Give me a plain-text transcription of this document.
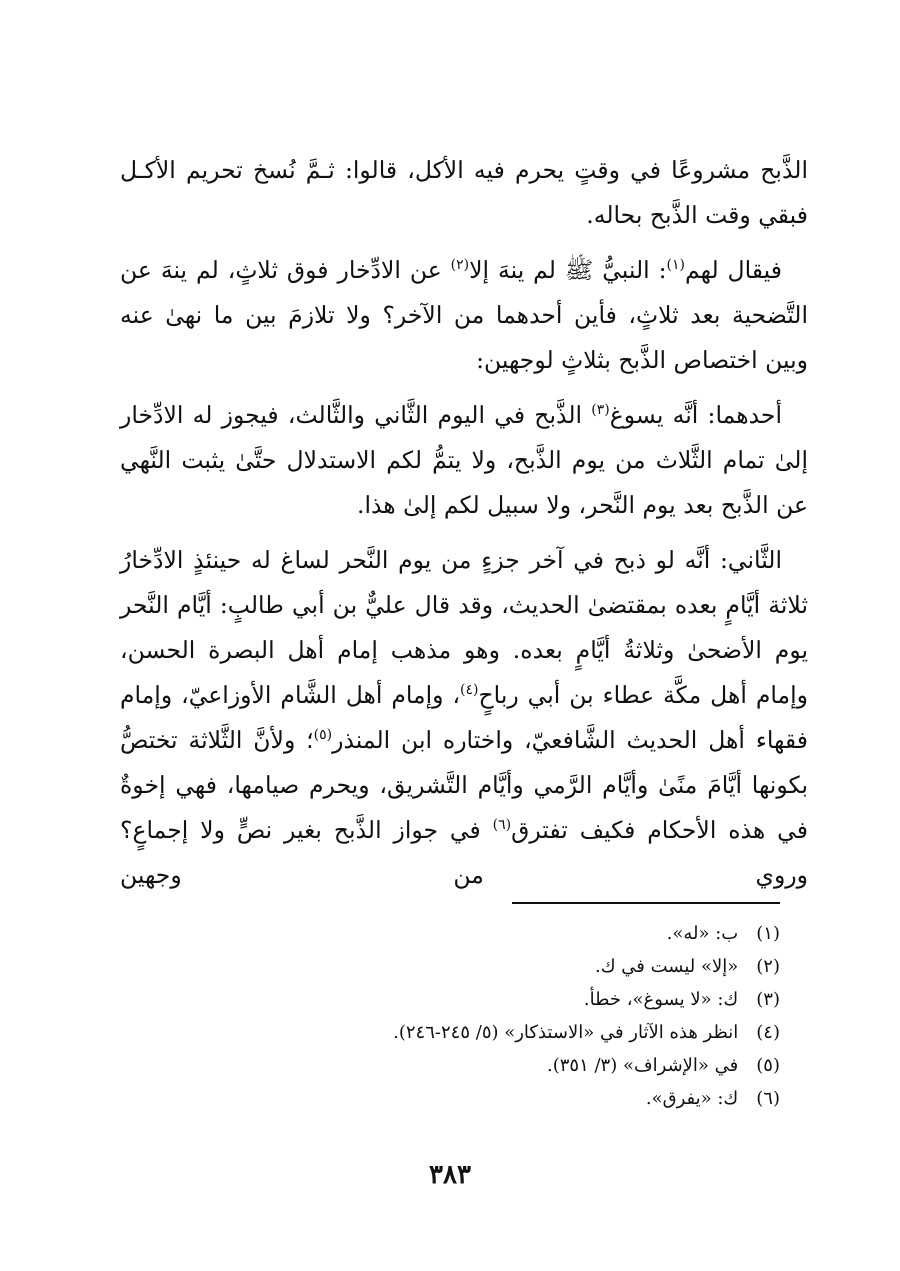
الذَّبح مشروعًا في وقتٍ يحرم فيه الأكل، قالوا: ثـمَّ نُسخ تحريم الأكـل فبقي وقت الذَّبح بحاله.

فيقال لهم$^{(١)}$: النبيُّ ﷺ لم ينهَ إلا$^{(٢)}$ عن الادِّخار فوق ثلاثٍ، لم ينهَ عن التَّضحية بعد ثلاثٍ، فأين أحدهما من الآخر؟ ولا تلازمَ بين ما نهىٰ عنه وبين اختصاص الذَّبح بثلاثٍ لوجهين:

أحدهما: أنَّه يسوغ$^{(٣)}$ الذَّبح في اليوم الثَّاني والثَّالث، فيجوز له الادِّخار إلىٰ تمام الثَّلاث من يوم الذَّبح، ولا يتمُّ لكم الاستدلال حتَّىٰ يثبت النَّهي عن الذَّبح بعد يوم النَّحر، ولا سبيل لكم إلىٰ هذا.

الثَّاني: أنَّه لو ذبح في آخر جزءٍ من يوم النَّحر لساغ له حينئذٍ الادِّخارُ ثلاثة أيَّامٍ بعده بمقتضىٰ الحديث، وقد قال عليٌّ بن أبي طالبٍ: أيَّام النَّحر يوم الأضحىٰ وثلاثةُ أيَّامٍ بعده. وهو مذهب إمام أهل البصرة الحسن، وإمام أهل مكَّة عطاء بن أبي رباحٍ$^{(٤)}$، وإمام أهل الشَّام الأوزاعيّ، وإمام فقهاء أهل الحديث الشَّافعيّ، واختاره ابن المنذر$^{(٥)}$؛ ولأنَّ الثَّلاثة تختصُّ بكونها أيَّامَ منًىٰ وأيَّام الرَّمي وأيَّام التَّشريق، ويحرم صيامها، فهي إخوةٌ في هذه الأحكام فكيف تفترق$^{(٦)}$ في جواز الذَّبح بغير نصٍّ ولا إجماعٍ؟ وروي من وجهين

(١) ب: «له».
(٢) «إلا» ليست في ك.
(٣) ك: «لا يسوغ»، خطأ.
(٤) انظر هذه الآثار في «الاستذكار» (٥/ ٢٤٥-٢٤٦).
(٥) في «الإشراف» (٣/ ٣٥١).
(٦) ك: «يفرق».
٣٨٣
